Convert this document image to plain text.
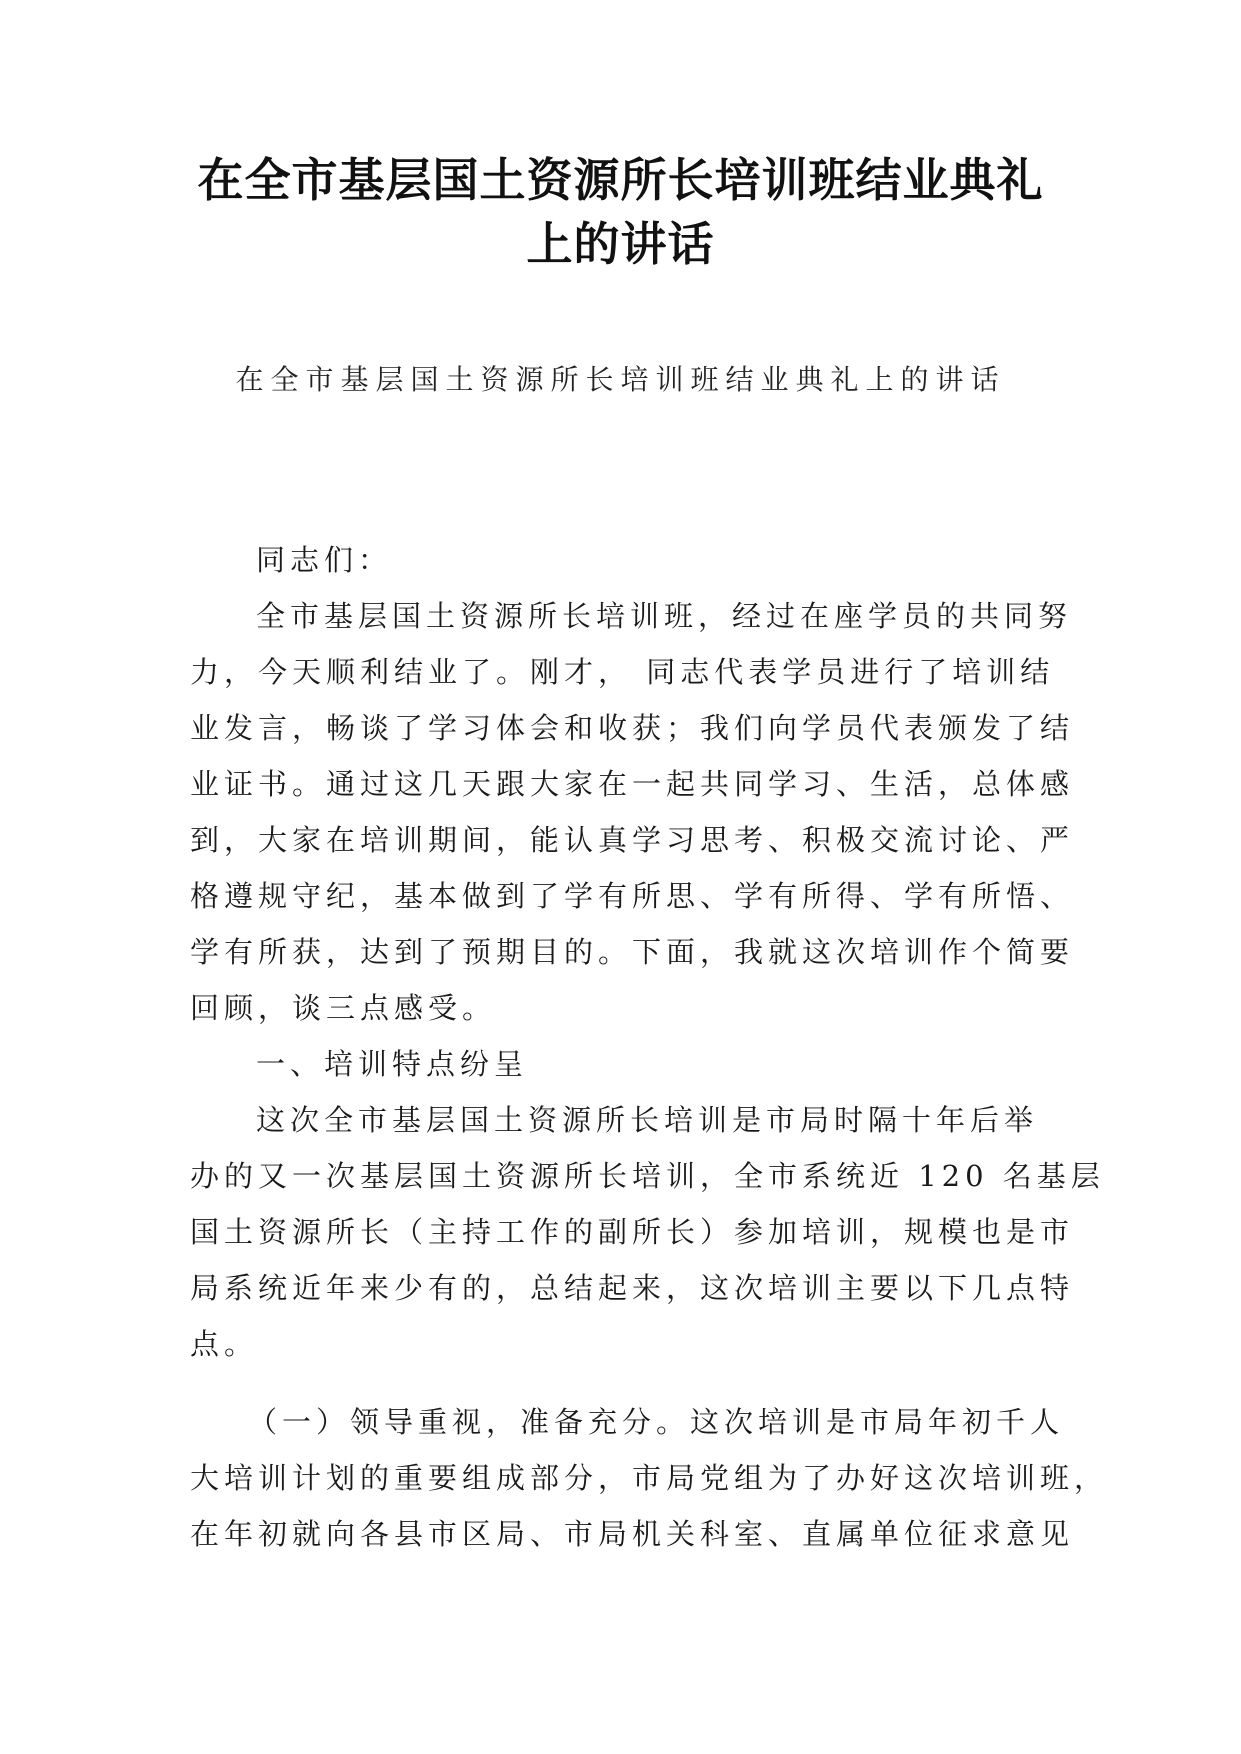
在全市基层国土资源所长培训班结业典礼
上的讲话
在全市基层国土资源所长培训班结业典礼上的讲话
同志们：
全市基层国土资源所长培训班，经过在座学员的共同努
力，今天顺利结业了。刚才， 同志代表学员进行了培训结
业发言，畅谈了学习体会和收获；我们向学员代表颁发了结
业证书。通过这几天跟大家在一起共同学习、生活，总体感
到，大家在培训期间，能认真学习思考、积极交流讨论、严
格遵规守纪，基本做到了学有所思、学有所得、学有所悟、
学有所获，达到了预期目的。下面，我就这次培训作个简要
回顾，谈三点感受。
一、培训特点纷呈
这次全市基层国土资源所长培训是市局时隔十年后举
办的又一次基层国土资源所长培训，全市系统近 120 名基层
国土资源所长（主持工作的副所长）参加培训，规模也是市
局系统近年来少有的，总结起来，这次培训主要以下几点特
点。
（一）领导重视，准备充分。这次培训是市局年初千人
大培训计划的重要组成部分，市局党组为了办好这次培训班，
在年初就向各县市区局、市局机关科室、直属单位征求意见
